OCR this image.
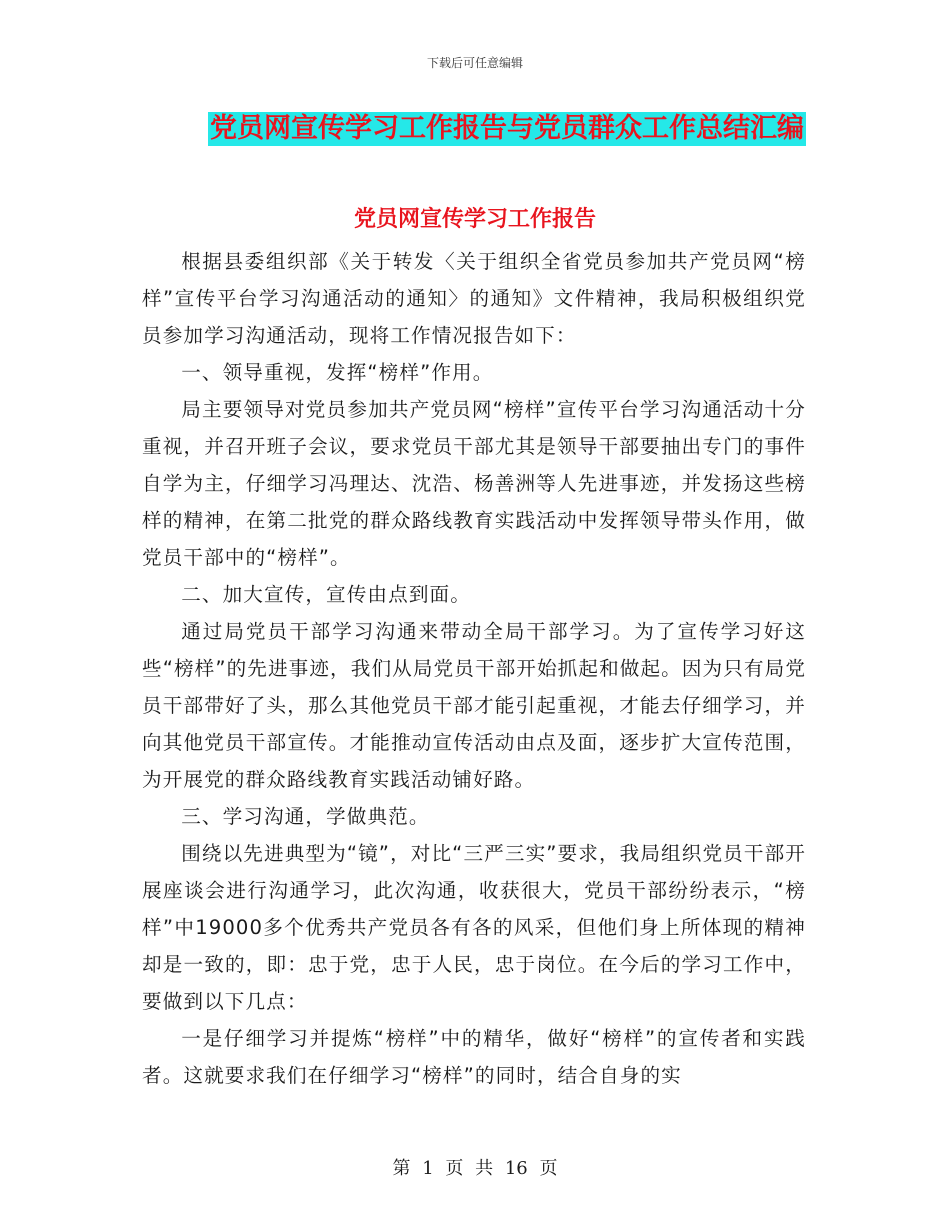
下载后可任意编辑
党员网宣传学习工作报告与党员群众工作总结汇编
党员网宣传学习工作报告

根据县委组织部《关于转发〈关于组织全省党员参加共产党员网“榜样”宣传平台学习沟通活动的通知〉的通知》文件精神，我局积极组织党员参加学习沟通活动，现将工作情况报告如下：

一、领导重视，发挥“榜样”作用。

局主要领导对党员参加共产党员网“榜样”宣传平台学习沟通活动十分重视，并召开班子会议，要求党员干部尤其是领导干部要抽出专门的事件自学为主，仔细学习冯理达、沈浩、杨善洲等人先进事迹，并发扬这些榜样的精神，在第二批党的群众路线教育实践活动中发挥领导带头作用，做党员干部中的“榜样”。

二、加大宣传，宣传由点到面。

通过局党员干部学习沟通来带动全局干部学习。为了宣传学习好这些“榜样”的先进事迹，我们从局党员干部开始抓起和做起。因为只有局党员干部带好了头，那么其他党员干部才能引起重视，才能去仔细学习，并向其他党员干部宣传。才能推动宣传活动由点及面，逐步扩大宣传范围，为开展党的群众路线教育实践活动铺好路。

三、学习沟通，学做典范。

围绕以先进典型为“镜”，对比“三严三实”要求，我局组织党员干部开展座谈会进行沟通学习，此次沟通，收获很大，党员干部纷纷表示，“榜样”中19000多个优秀共产党员各有各的风采，但他们身上所体现的精神却是一致的，即：忠于党，忠于人民，忠于岗位。在今后的学习工作中，要做到以下几点：

一是仔细学习并提炼“榜样”中的精华，做好“榜样”的宣传者和实践者。这就要求我们在仔细学习“榜样”的同时，结合自身的实

第 1 页 共 16 页
